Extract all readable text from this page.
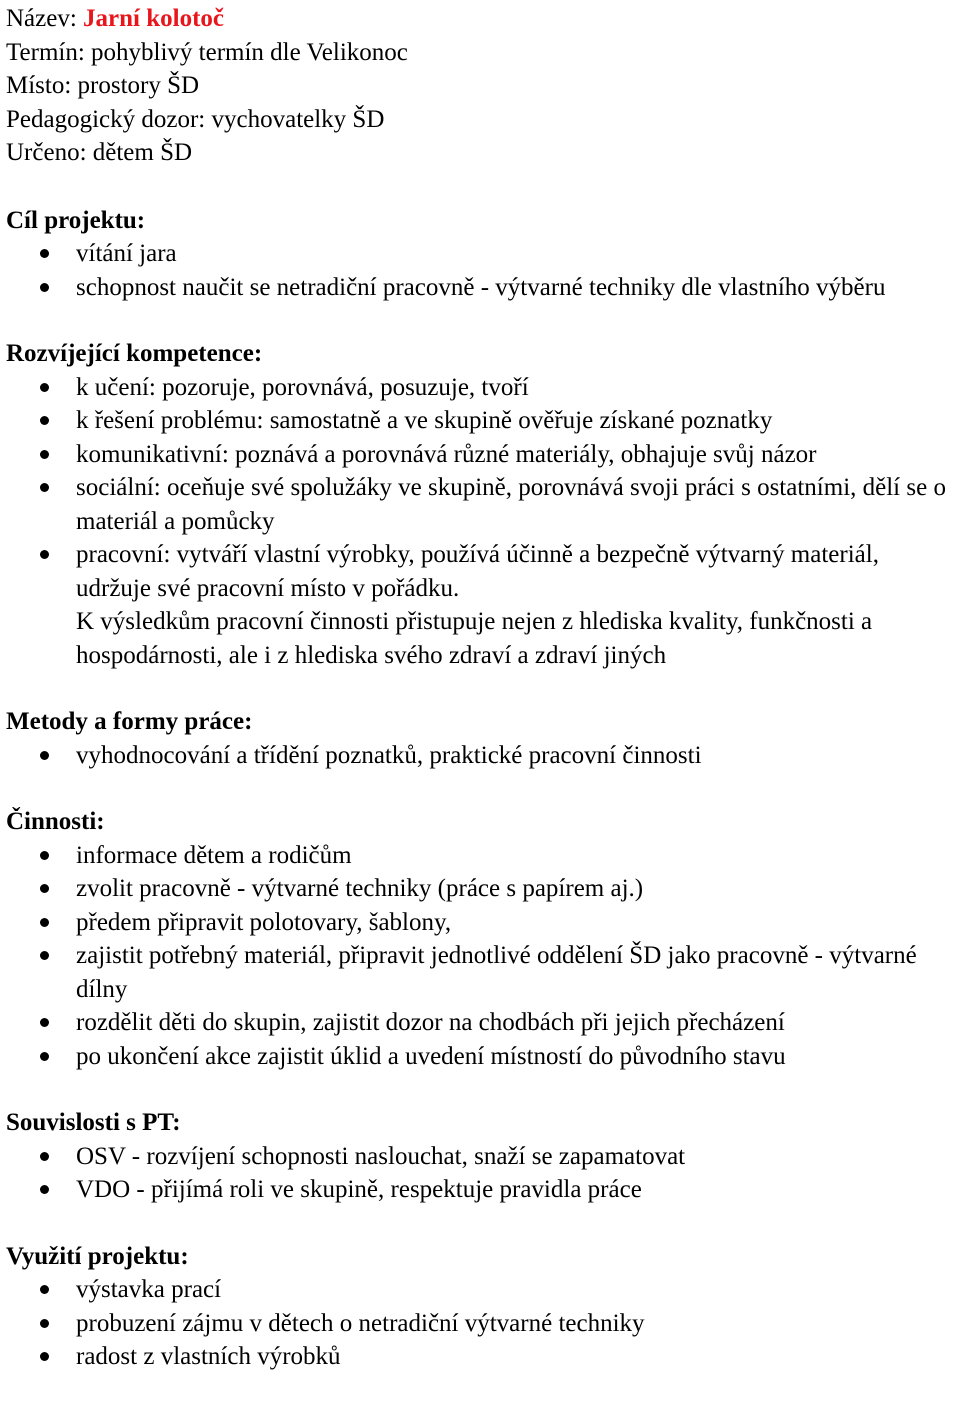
Název: Jarní kolotoč
Termín: pohyblivý termín dle Velikonoc
Místo: prostory ŠD
Pedagogický dozor: vychovatelky ŠD
Určeno: dětem ŠD
Cíl projektu:
vítání jara
schopnost naučit se netradiční pracovně - výtvarné techniky dle vlastního výběru
Rozvíjející kompetence:
k učení: pozoruje, porovnává, posuzuje, tvoří
k řešení problému: samostatně a ve skupině ověřuje získané poznatky
komunikativní: poznává a porovnává různé materiály, obhajuje svůj názor
sociální: oceňuje své spolužáky ve skupině, porovnává svoji práci s ostatními, dělí se o materiál a pomůcky
pracovní: vytváří vlastní výrobky, používá účinně a bezpečně výtvarný materiál, udržuje své pracovní místo v pořádku.
K výsledkům pracovní činnosti přistupuje nejen z hlediska kvality, funkčnosti a hospodárnosti, ale i z hlediska svého zdraví a zdraví jiných
Metody a formy práce:
vyhodnocování a třídění poznatků, praktické pracovní činnosti
Činnosti:
informace dětem a rodičům
zvolit pracovně - výtvarné techniky (práce s papírem aj.)
předem připravit polotovary, šablony,
zajistit potřebný materiál, připravit jednotlivé oddělení ŠD jako pracovně - výtvarné dílny
rozdělit děti do skupin, zajistit dozor na chodbách při jejich přecházení
po ukončení akce zajistit úklid a uvedení místností do původního stavu
Souvislosti s PT:
OSV - rozvíjení schopnosti naslouchat, snaží se zapamatovat
VDO - přijímá roli ve skupině, respektuje pravidla práce
Využití projektu:
výstavka prací
probuzení zájmu v dětech o netradiční výtvarné techniky
radost z vlastních výrobků
